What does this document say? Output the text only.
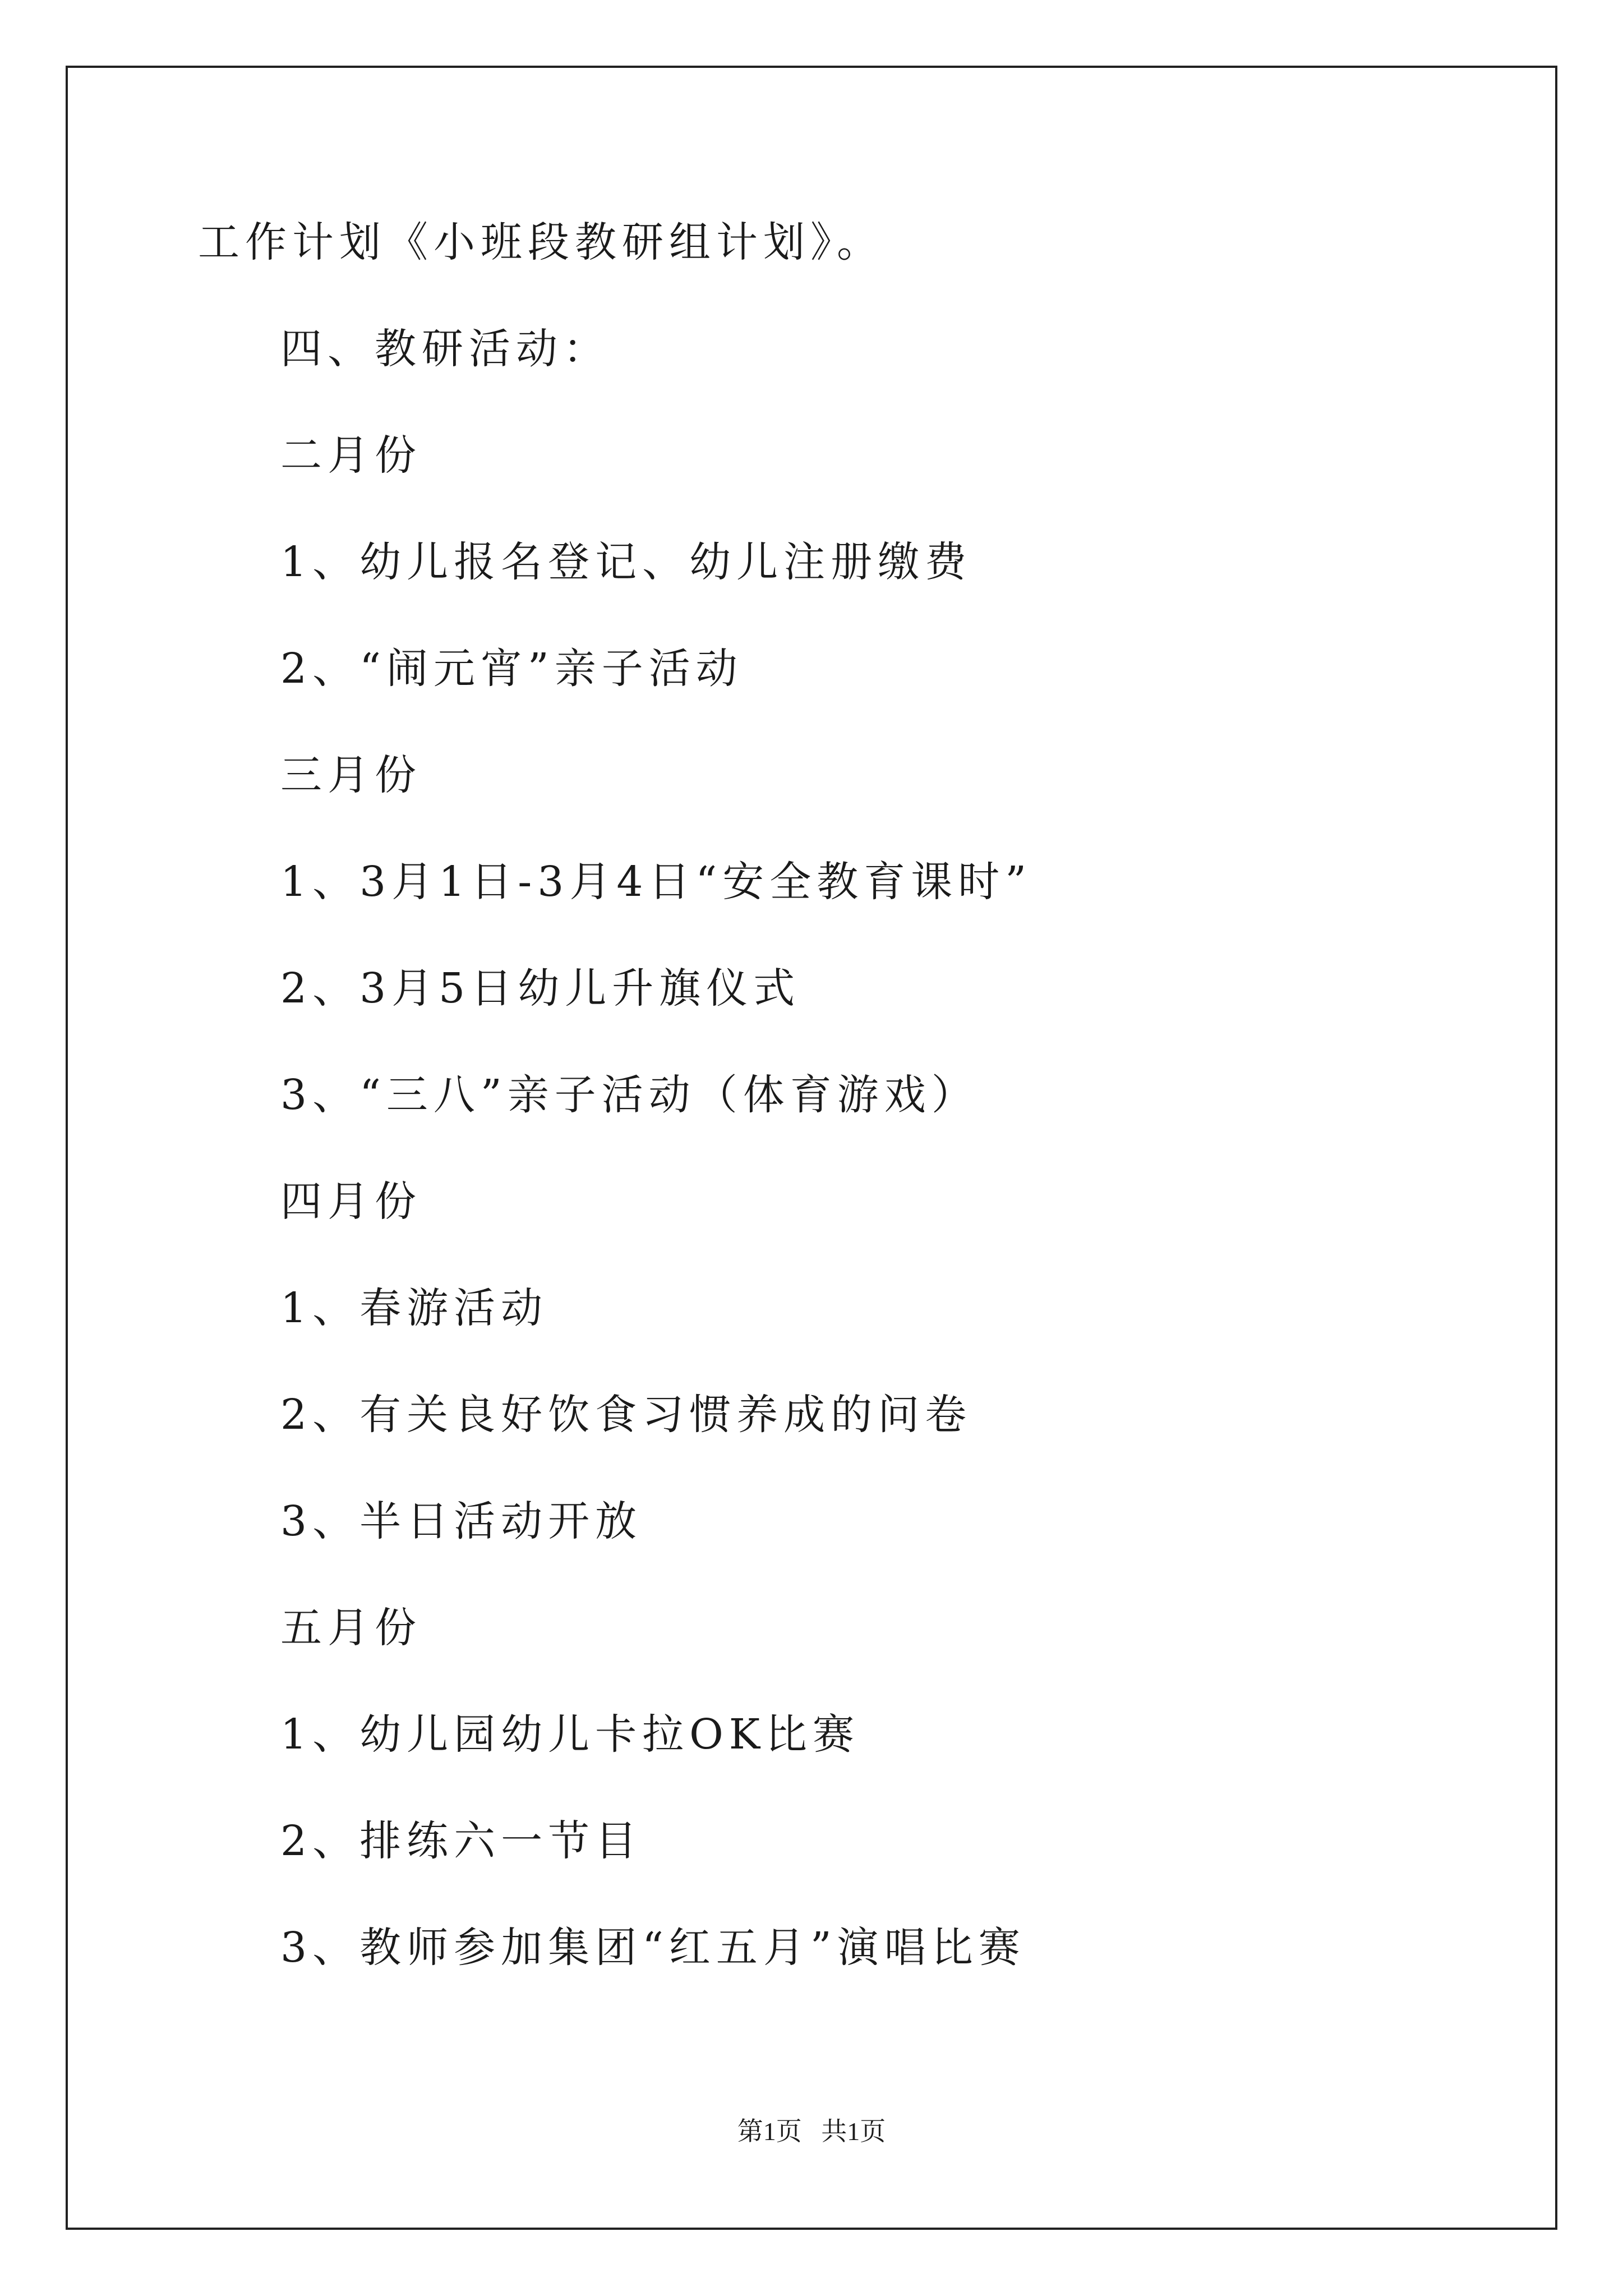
工作计划《小班段教研组计划》。
四、教研活动：
二月份
1、幼儿报名登记、幼儿注册缴费
2、“闹元宵”亲子活动
三月份
1、3月1日-3月4日“安全教育课时”
2、3月5日幼儿升旗仪式
3、“三八”亲子活动（体育游戏）
四月份
1、春游活动
2、有关良好饮食习惯养成的问卷
3、半日活动开放
五月份
1、幼儿园幼儿卡拉OK比赛
2、排练六一节目
3、教师参加集团“红五月”演唱比赛
第1页   共1页
